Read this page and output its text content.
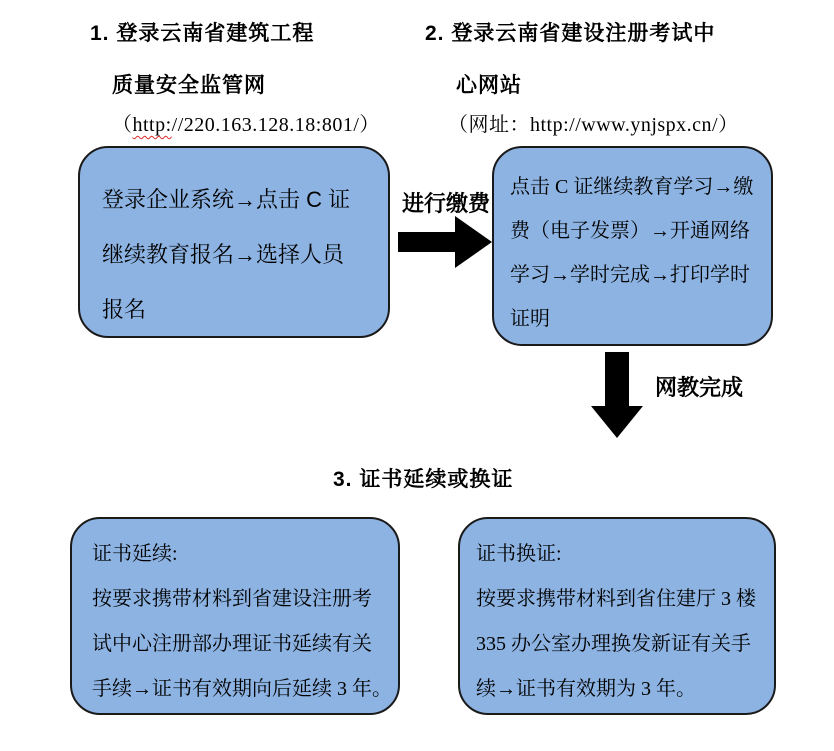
1. 登录云南省建筑工程
质量安全监管网
（http://220.163.128.18:801/）
2. 登录云南省建设注册考试中
心网站
（网址：http://www.ynjspx.cn/）
登录企业系统→点击 C 证
继续教育报名→选择人员
报名
点击 C 证继续教育学习→缴
费（电子发票）→开通网络
学习→学时完成→打印学时
证明
进行缴费
网教完成
3. 证书延续或换证
证书延续:
按要求携带材料到省建设注册考
试中心注册部办理证书延续有关
手续→证书有效期向后延续 3 年。
证书换证:
按要求携带材料到省住建厅 3 楼
335 办公室办理换发新证有关手
续→证书有效期为 3 年。
